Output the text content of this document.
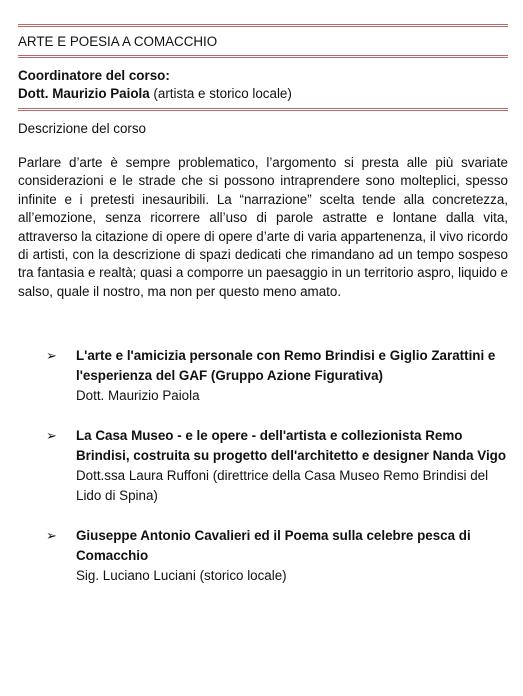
ARTE E POESIA A COMACCHIO
Coordinatore del corso:
Dott. Maurizio Paiola (artista e storico locale)
Descrizione del corso
Parlare d’arte è sempre problematico, l’argomento si presta alle più svariate considerazioni e le strade che si possono intraprendere sono molteplici, spesso infinite e i pretesti inesauribili. La “narrazione” scelta tende alla concretezza, all’emozione, senza ricorrere all’uso di parole astratte e lontane dalla vita, attraverso la citazione di opere di opere d’arte di varia appartenenza, il vivo ricordo di artisti, con la descrizione di spazi dedicati che rimandano ad un tempo sospeso tra fantasia e realtà; quasi a comporre un paesaggio in un territorio aspro, liquido e salso, quale il nostro, ma non per questo meno amato.
➢ L'arte e l'amicizia personale con Remo Brindisi e Giglio Zarattini e l'esperienza del GAF (Gruppo Azione Figurativa)
Dott. Maurizio Paiola
➢ La Casa Museo - e le opere - dell'artista e collezionista Remo Brindisi, costruita su progetto dell'architetto e designer Nanda Vigo
Dott.ssa Laura Ruffoni (direttrice della Casa Museo Remo Brindisi del Lido di Spina)
➢ Giuseppe Antonio Cavalieri ed il Poema sulla celebre pesca di Comacchio
Sig. Luciano Luciani (storico locale)
